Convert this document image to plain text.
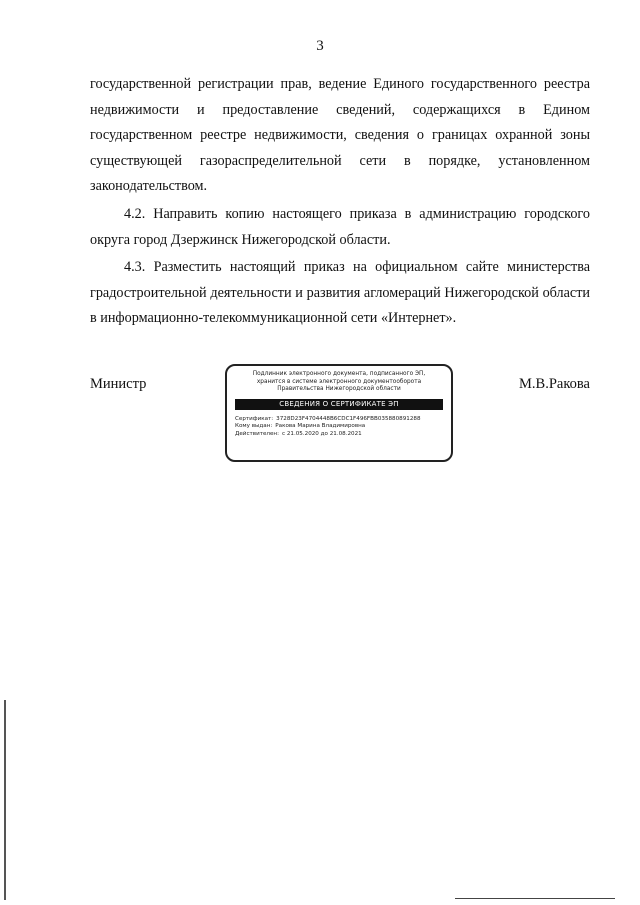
3

государственной регистрации прав, ведение Единого государственного реестра недвижимости и предоставление сведений, содержащихся в Едином государственном реестре недвижимости, сведения о границах охранной зоны существующей газораспределительной сети в порядке, установленном законодательством.

4.2. Направить копию настоящего приказа в администрацию городского округа город Дзержинск Нижегородской области.

4.3. Разместить настоящий приказ на официальном сайте министерства градостроительной деятельности и развития агломераций Нижегородской области в информационно-телекоммуникационной сети «Интернет».

Министр	М.В.Ракова
Подлинник электронного документа, подписанного ЭП,
хранится в системе электронного документооборота
Правительства Нижегородской области
СВЕДЕНИЯ О СЕРТИФИКАТЕ ЭП
Сертификат: 3728D23F4704448B6CDC1F496FBB035880891288
Кому выдан: Ракова Марина Владимировна
Действителен: с 21.05.2020 до 21.08.2021
